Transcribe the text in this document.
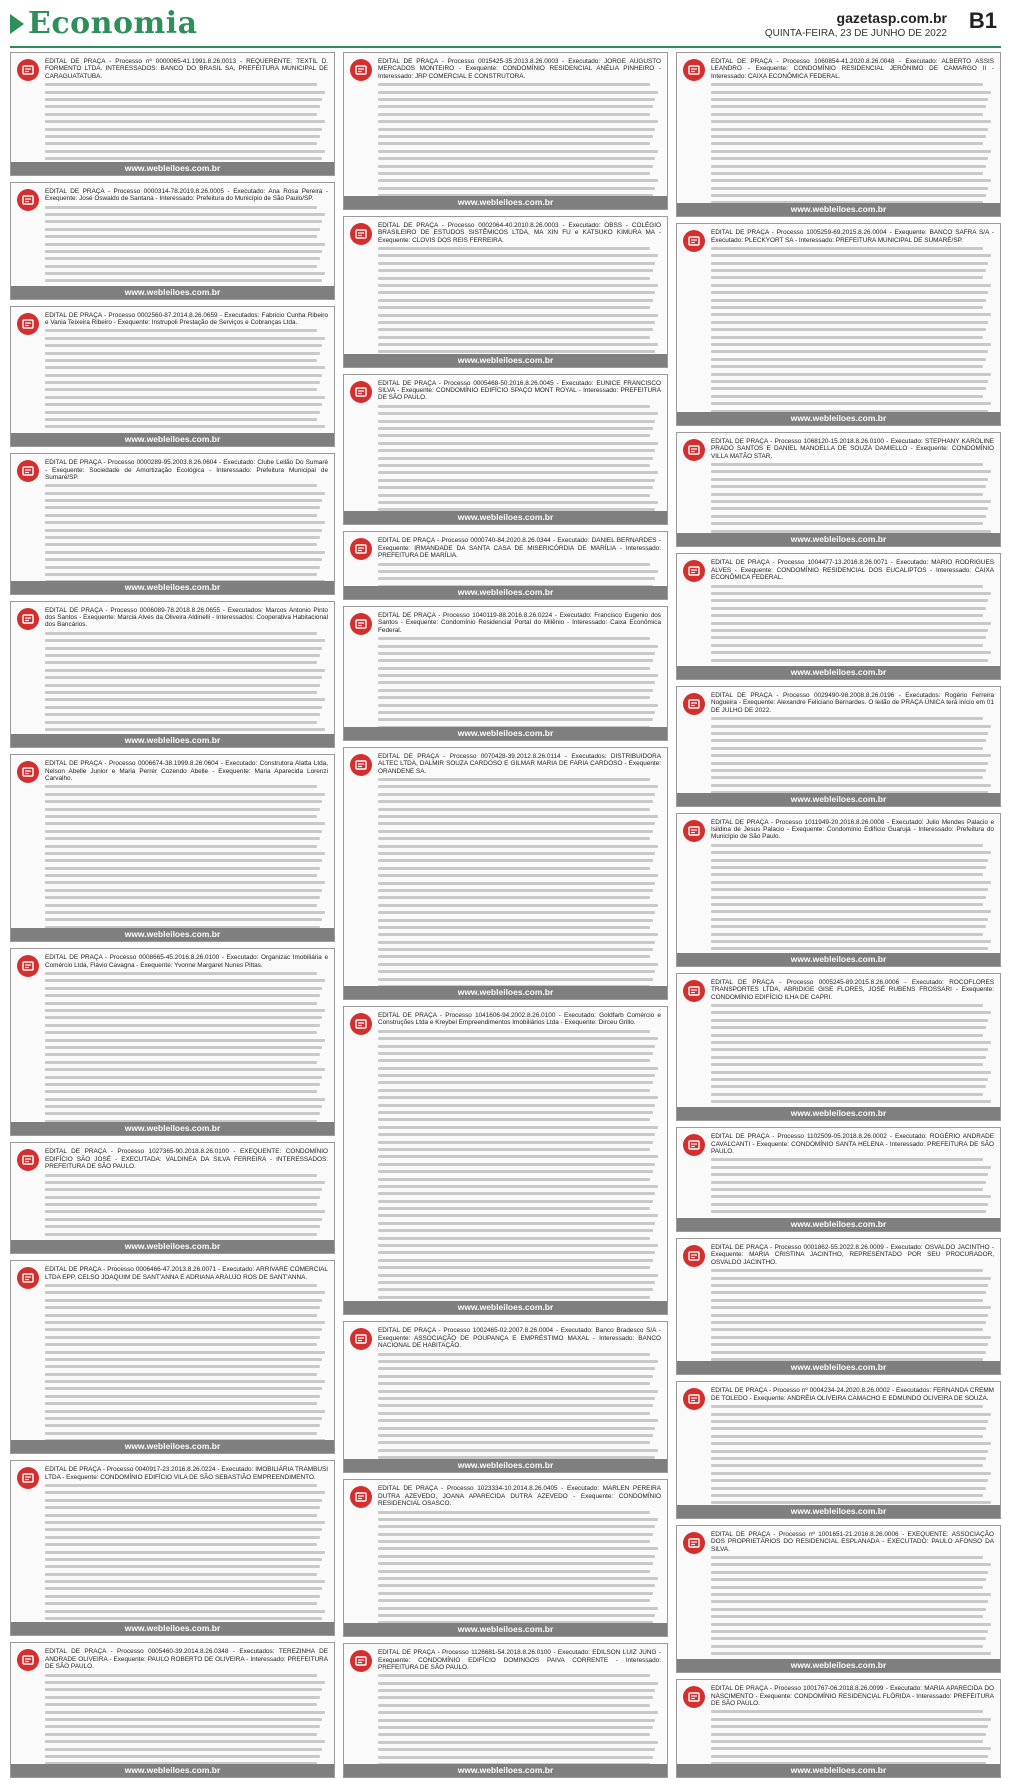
Economia	gazetasp.com.br
QUINTA-FEIRA, 23 DE JUNHO DE 2022
B1

EDITAL DE PRAÇA - Processo nº 0000065-41.1991.8.26.0013 - REQUERENTE: TEXTIL D. FORMENTO LTDA. INTERESSADOS: BANCO DO BRASIL SA, PREFEITURA MUNICIPAL DE CARAGUATATUBA.

www.webleiloes.com.br

EDITAL DE PRAÇA - Processo 0000314-78.2019.8.26.0005 - Executado: Ana Rosa Pereira - Exequente: José Oswaldo de Santana - Interessado: Prefeitura do Município de São Paulo/SP.

www.webleiloes.com.br

EDITAL DE PRAÇA - Processo 0002560-87.2014.8.26.0659 - Executados: Fabricio Cunha Ribeiro e Vania Teixeira Ribeiro - Exequente: Instrupoli Prestação de Serviços e Cobranças Ltda.

www.webleiloes.com.br

EDITAL DE PRAÇA - Processo 0000289-95.2003.8.26.0604 - Executado: Clube Leilão Do Sumaré - Exequente: Sociedade de Amortização Ecológica - Interessado: Prefeitura Municipal de Sumaré/SP.

www.webleiloes.com.br

EDITAL DE PRAÇA - Processo 0006089-78.2018.8.26.0655 - Executados: Marcos Antonio Pinto dos Santos - Exequente: Marcia Alves da Oliveira Aldinelli - Interessados: Cooperativa Habitacional dos Bancários.

www.webleiloes.com.br

EDITAL DE PRAÇA - Processo 0006674-38.1999.8.26.0604 - Executado: Construtora Alatta Ltda, Nelson Abelle Junior e Maria Perrer Cozendo Abelle - Exequente: Maria Aparecida Lorenzi Carvalho.

www.webleiloes.com.br

EDITAL DE PRAÇA - Processo 0008665-45.2016.8.26.0100 - Executado: Organizac Imobiliária e Comércio Ltda, Flávio Cavagna - Exequente: Yvonne Margaret Nunes Pittas.

www.webleiloes.com.br

EDITAL DE PRAÇA - Processo 1027365-90.2018.8.26.0100 - EXEQUENTE: CONDOMÍNIO EDIFÍCIO SÃO JOSÉ - EXECUTADA: VALDINEA DA SILVA FERREIRA - INTERESSADOS: PREFEITURA DE SÃO PAULO.

www.webleiloes.com.br

EDITAL DE PRAÇA - Processo 0006466-47.2013.8.26.0071 - Executado: ARRIVARE COMERCIAL LTDA EPP, CELSO JOAQUIM DE SANT'ANNA E ADRIANA ARAUJO ROS DE SANT'ANNA.

www.webleiloes.com.br

EDITAL DE PRAÇA - Processo 0040917-23.2016.8.26.0224 - Executado: IMOBILIÁRIA TRAMBUSI LTDA - Exequente: CONDOMÍNIO EDIFÍCIO VILA DE SÃO SEBASTIÃO EMPREENDIMENTO.

www.webleiloes.com.br

EDITAL DE PRAÇA - Processo 0005460-39.2014.8.26.0348 - Executados: TEREZINHA DE ANDRADE OLIVEIRA - Exequente: PAULO ROBERTO DE OLIVEIRA - Interessado: PREFEITURA DE SÃO PAULO.

www.webleiloes.com.br

EDITAL DE PRAÇA - Processo 0015425-35.2013.8.26.0003 - Executado: JORGE AUGUSTO MERCADOS MONTEIRO - Exequente: CONDOMÍNIO RESIDENCIAL ANÉLIA PINHEIRO - Interessado: JRP COMERCIAL E CONSTRUTORA.

www.webleiloes.com.br

EDITAL DE PRAÇA - Processo 0002064-40.2010.8.26.0003 - Executado: OBSS - COLÉGIO BRASILEIRO DE ESTUDOS SISTÊMICOS LTDA, MA XIN FU e KATSUKO KIMURA MA - Exequente: CLOVIS DOS REIS FERREIRA.

www.webleiloes.com.br

EDITAL DE PRAÇA - Processo 0005468-50.2016.8.26.0045 - Executado: EUNICE FRANCISCO SILVA - Exequente: CONDOMÍNIO EDIFÍCIO SPAÇO MONT ROYAL - Interessado: PREFEITURA DE SÃO PAULO.

www.webleiloes.com.br

EDITAL DE PRAÇA - Processo 0000740-84.2020.8.26.0344 - Executado: DANIEL BERNARDES - Exequente: IRMANDADE DA SANTA CASA DE MISERICÓRDIA DE MARÍLIA - Interessado: PREFEITURA DE MARÍLIA.

www.webleiloes.com.br

EDITAL DE PRAÇA - Processo 1040119-88.2016.8.26.0224 - Executado: Francisco Eugenio dos Santos - Exequente: Condomínio Residencial Portal do Milênio - Interessado: Caixa Econômica Federal.

www.webleiloes.com.br

EDITAL DE PRAÇA - Processo 0070428-39.2012.8.26.0114 - Executados: DISTRIBUIDORA ALTEC LTDA, DALMIR SOUZA CARDOSO E GILMAR MARIA DE FARIA CARDOSO - Exequente: ORANDENE SA.

www.webleiloes.com.br

EDITAL DE PRAÇA - Processo 1041606-94.2002.8.26.0100 - Executado: Goldfarb Comércio e Construções Ltda e Kreybel Empreendimentos Imobiliários Ltda - Exequente: Dirceu Grillo.

www.webleiloes.com.br

EDITAL DE PRAÇA - Processo 1002465-02.2007.8.26.0004 - Executado: Banco Bradesco S/A - Exequente: ASSOCIAÇÃO DE POUPANÇA E EMPRÉSTIMO MAXAL - Interessado: BANCO NACIONAL DE HABITAÇÃO.

www.webleiloes.com.br

EDITAL DE PRAÇA - Processo 1023334-10.2014.8.26.0405 - Executado: MARLEN PEREIRA DUTRA AZEVEDO, JOANA APARECIDA DUTRA AZEVEDO - Exequente: CONDOMÍNIO RESIDENCIAL OSASCO.

www.webleiloes.com.br

EDITAL DE PRAÇA - Processo 1126681-54.2018.8.26.0100 - Executado: EDILSON LUIZ JUNG - Exequente: CONDOMÍNIO EDIFÍCIO DOMINGOS PAIVA CORRENTE - Interessado: PREFEITURA DE SÃO PAULO.

www.webleiloes.com.br

EDITAL DE PRAÇA - Processo 1060854-41.2020.8.26.0048 - Executado: ALBERTO ASSIS LEANDRO - Exequente: CONDOMÍNIO RESIDENCIAL JERÔNIMO DE CAMARGO II - Interessado: CAIXA ECONÔMICA FEDERAL.

www.webleiloes.com.br

EDITAL DE PRAÇA - Processo 1005259-69.2015.8.26.0004 - Exequente: BANCO SAFRA S/A - Executado: PLECKYORT SA - Interessado: PREFEITURA MUNICIPAL DE SUMARÉ/SP.

www.webleiloes.com.br

EDITAL DE PRAÇA - Processo 1068120-15.2018.8.26.0100 - Executado: STEPHANY KAROLINE PRADO SANTOS E DANIEL MANOELLA DE SOUZA DAMIELLO - Exequente: CONDOMÍNIO VILLA MATÃO STAR.

www.webleiloes.com.br

EDITAL DE PRAÇA - Processo 1004477-13.2016.8.26.0071 - Executado: MARIO RODRIGUES ALVES - Exequente: CONDOMÍNIO RESIDENCIAL DOS EUCALIPTOS - Interessado: CAIXA ECONÔMICA FEDERAL.

www.webleiloes.com.br

EDITAL DE PRAÇA - Processo 0029490-98.2008.8.26.0196 - Executados: Rogério Ferreira Nogueira - Exequente: Alexandre Feliciano Bernardes. O leilão de PRAÇA ÚNICA terá início em 01 DE JULHO DE 2022.

www.webleiloes.com.br

EDITAL DE PRAÇA - Processo 1011949-20.2016.8.26.0008 - Executado: Julio Mendes Palacio e Isildina de Jesus Palacio - Exequente: Condomínio Edifício Guarujá - Interessado: Prefeitura do Município de São Paulo.

www.webleiloes.com.br

EDITAL DE PRAÇA - Processo 0005245-89.2015.8.26.0006 - Executado: ROCOFLORES TRANSPORTES LTDA, ABRIDIGE GISE FLORES, JOSÉ RUBENS FROSSARI - Exequente: CONDOMÍNIO EDIFÍCIO ILHA DE CAPRI.

www.webleiloes.com.br

EDITAL DE PRAÇA - Processo 1102509-05.2018.8.26.0002 - Executado: ROGÉRIO ANDRADE CAVALCANTI - Exequente: CONDOMÍNIO SANTA HELENA - Interessado: PREFEITURA DE SÃO PAULO.

www.webleiloes.com.br

EDITAL DE PRAÇA - Processo 0001862-55.2022.8.26.0009 - Executado: OSVALDO JACINTHO - Exequente: MARIA CRISTINA JACINTHO, REPRESENTADO POR SEU PROCURADOR, OSVALDO JACINTHO.

www.webleiloes.com.br

EDITAL DE PRAÇA - Processo nº 0004234-24.2020.8.26.0002 - Executados: FERNANDA CREMM DE TOLEDO - Exequente: ANDRÉIA OLIVEIRA CAMACHO E EDMUNDO OLIVEIRA DE SOUZA.

www.webleiloes.com.br

EDITAL DE PRAÇA - Processo nº 1001651-21.2016.8.26.0006 - EXEQUENTE: ASSOCIAÇÃO DOS PROPRIETÁRIOS DO RESIDENCIAL ESPLANADA - EXECUTADO: PAULO AFONSO DA SILVA.

www.webleiloes.com.br

EDITAL DE PRAÇA - Processo 1001767-06.2018.8.26.0099 - Executado: MARIA APARECIDA DO NASCIMENTO - Exequente: CONDOMÍNIO RESIDENCIAL FLÓRIDA - Interessado: PREFEITURA DE SÃO PAULO.

www.webleiloes.com.br
